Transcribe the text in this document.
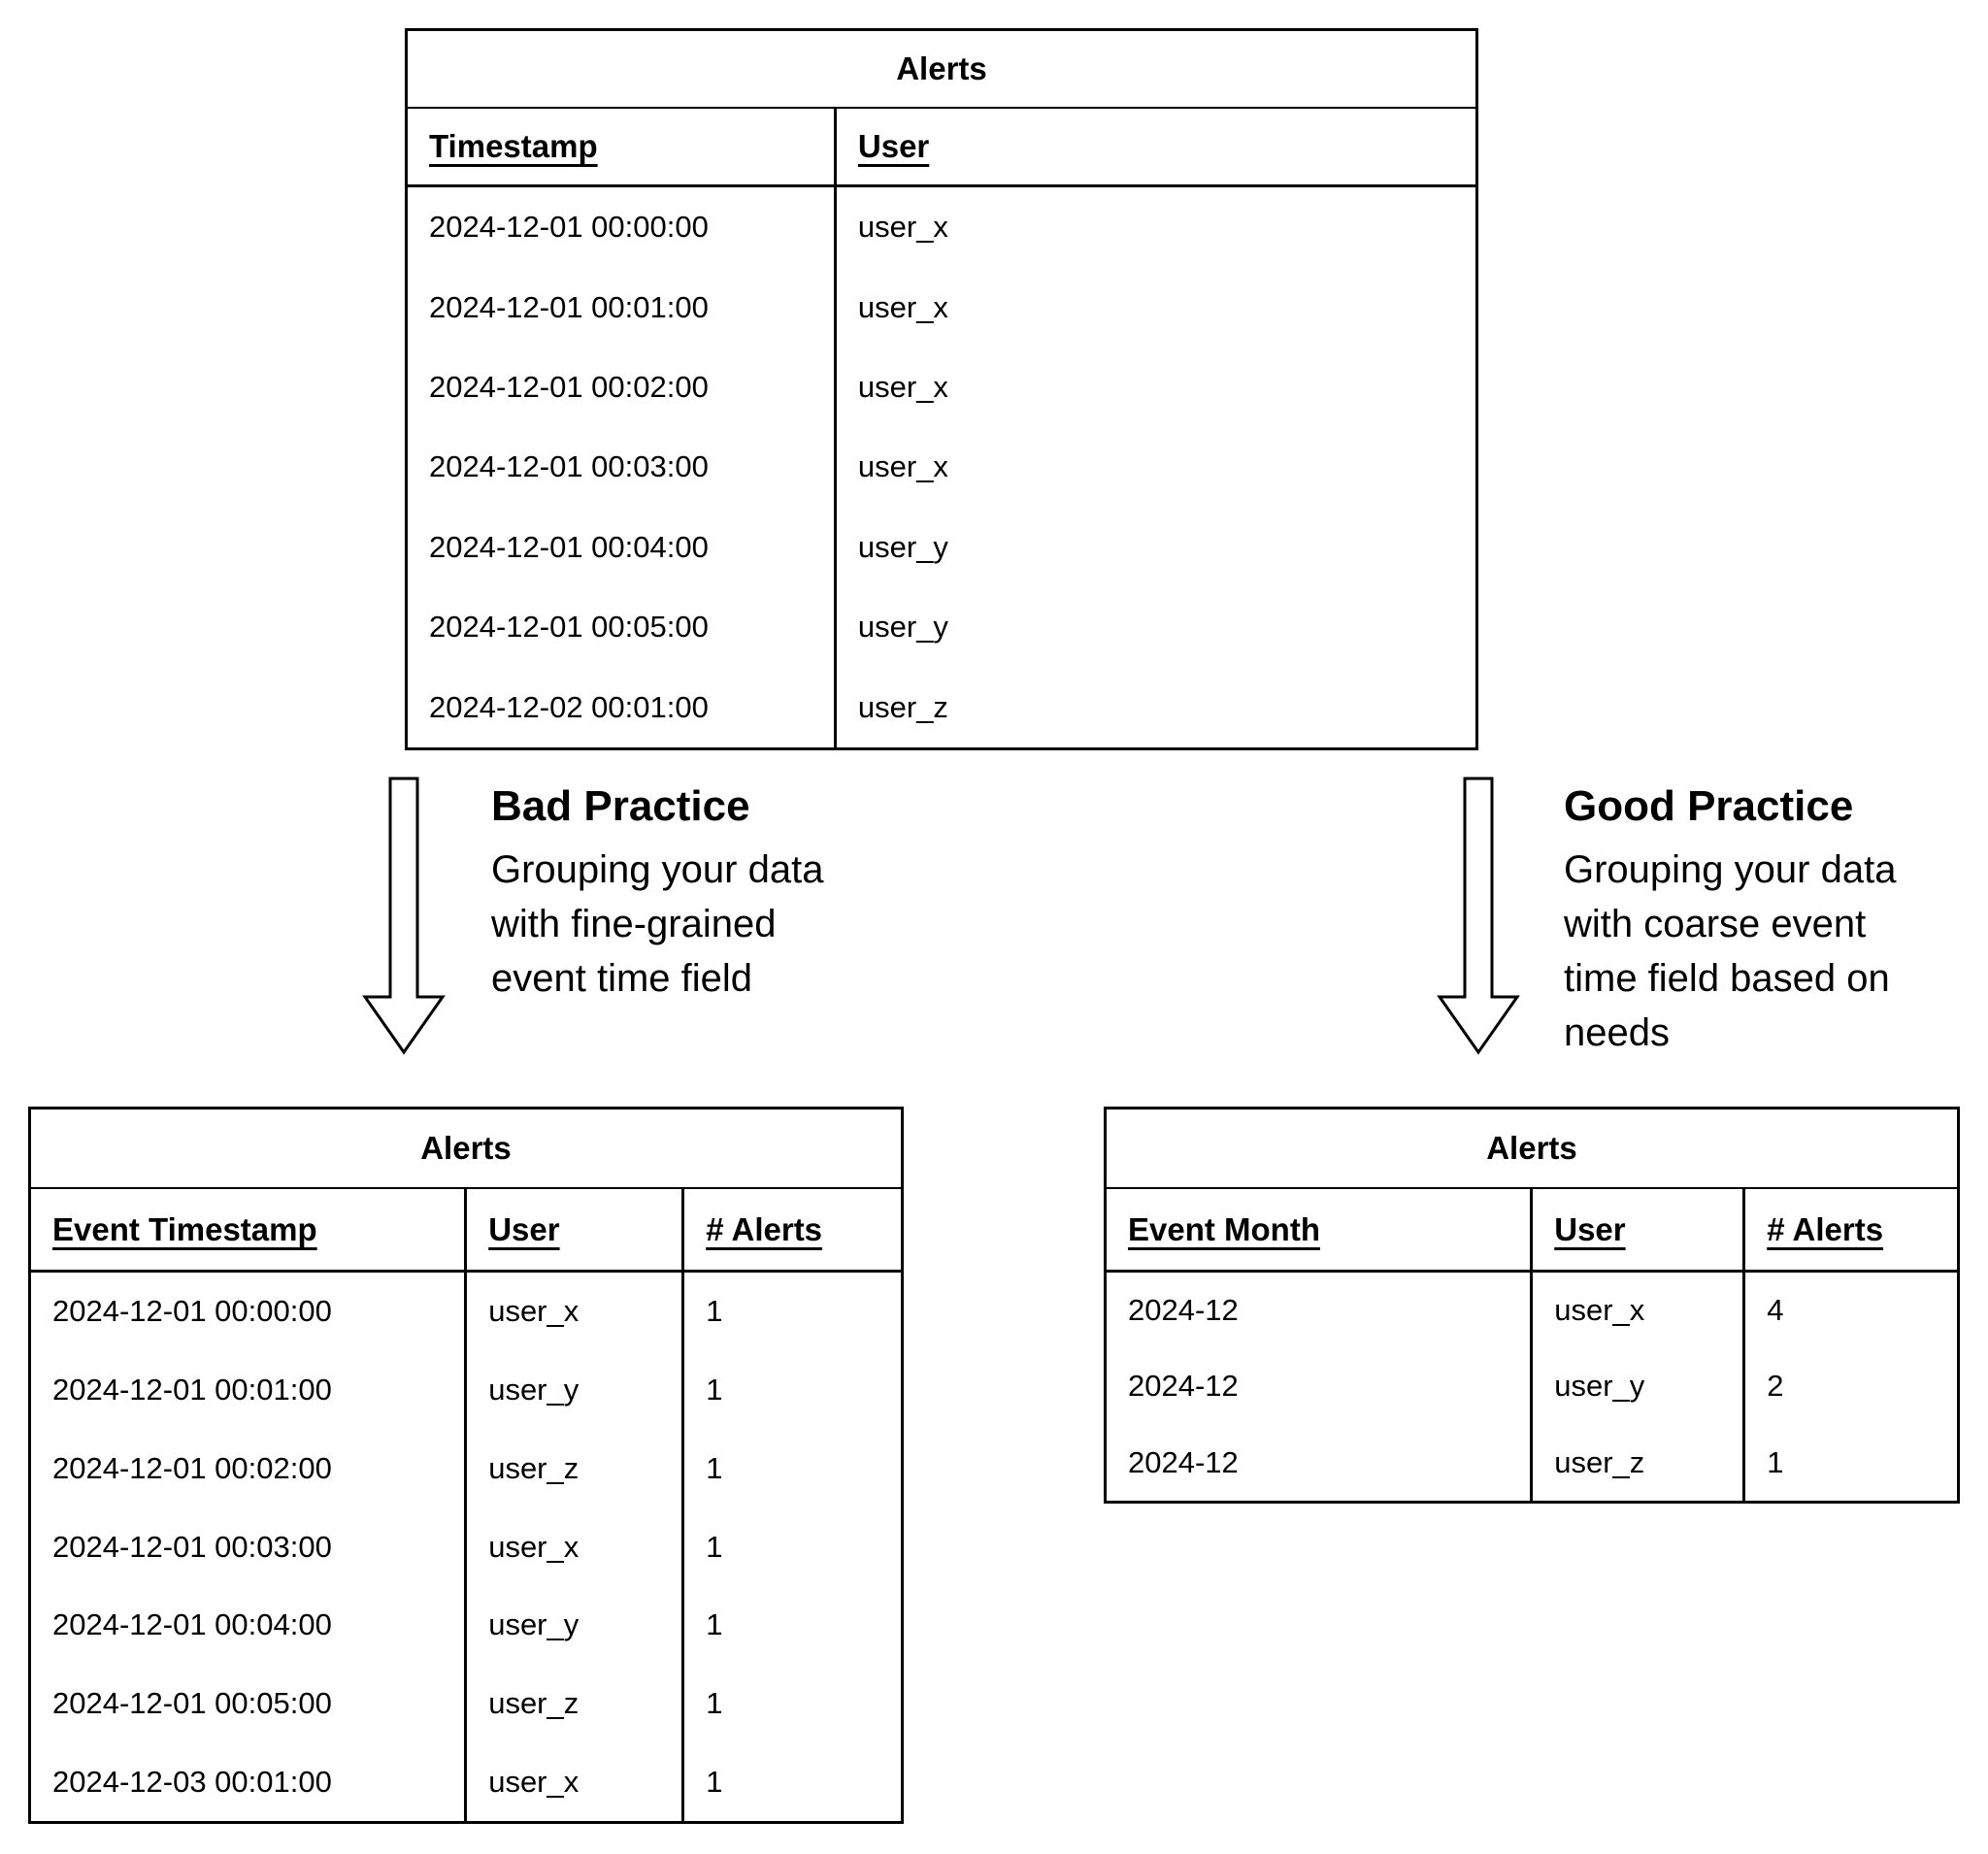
Alerts
Timestamp	User
2024-12-01 00:00:00	user_x
2024-12-01 00:01:00	user_x
2024-12-01 00:02:00	user_x
2024-12-01 00:03:00	user_x
2024-12-01 00:04:00	user_y
2024-12-01 00:05:00	user_y
2024-12-02 00:01:00	user_z
Bad Practice
Grouping your data
with fine-grained
event time field
Good Practice
Grouping your data
with coarse event
time field based on
needs
Alerts
Event Timestamp	User	# Alerts
2024-12-01 00:00:00	user_x	1
2024-12-01 00:01:00	user_y	1
2024-12-01 00:02:00	user_z	1
2024-12-01 00:03:00	user_x	1
2024-12-01 00:04:00	user_y	1
2024-12-01 00:05:00	user_z	1
2024-12-03 00:01:00	user_x	1
Alerts
Event Month	User	# Alerts
2024-12	user_x	4
2024-12	user_y	2
2024-12	user_z	1
